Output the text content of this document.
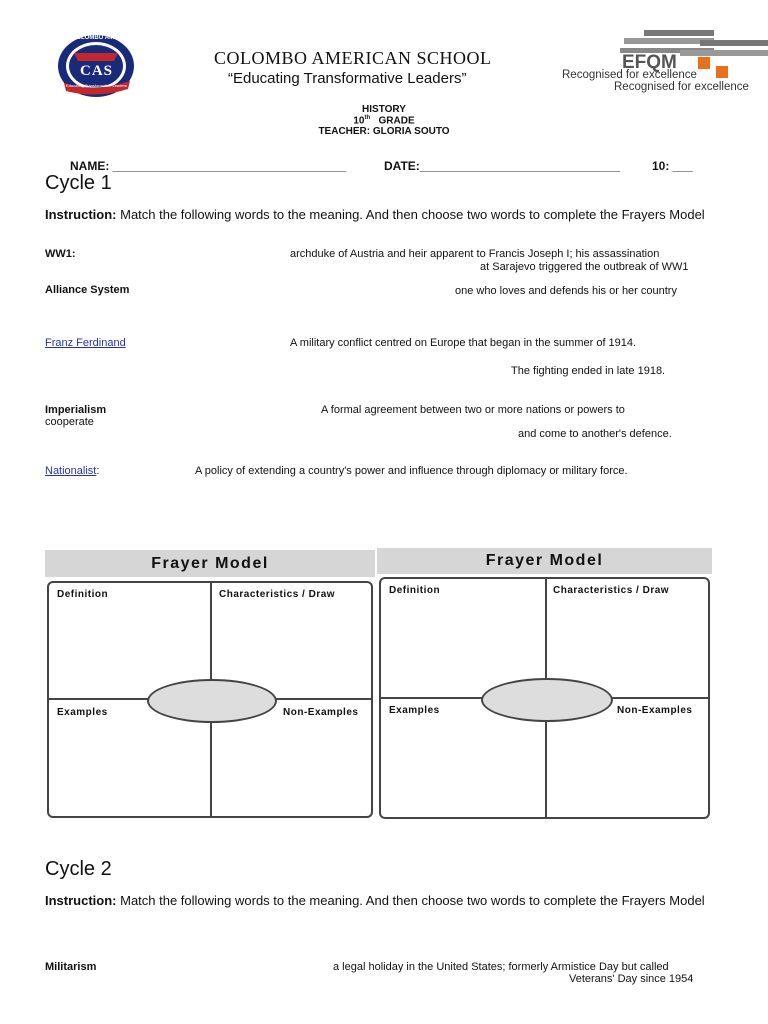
COLOMBO AMERICAN
CAS
Educating Transformative Leaders
COLOMBO AMERICAN SCHOOL
“Educating Transformative Leaders”
EFQM
Recognised for excellence
Recognised for excellence
HISTORY
10th GRADE
TEACHER: GLORIA SOUTO
NAME: ___________________________________	DATE:______________________________	10: ___
Cycle 1
Instruction: Match the following words to the meaning. And then choose two words to complete the Frayers Model
WW1:	archduke of Austria and heir apparent to Francis Joseph I; his assassination
at Sarajevo triggered the outbreak of WW1
Alliance System	one who loves and defends his or her country
Franz Ferdinand	A military conflict centred on Europe that began in the summer of 1914.
The fighting ended in late 1918.
Imperialism	A formal agreement between two or more nations or powers to
cooperate
and come to another's defence.
Nationalist:	A policy of extending a country's power and influence through diplomacy or military force.
Frayer Model
Definition	Characteristics / Draw
Examples	Non-Examples
Frayer Model
Definition	Characteristics / Draw
Examples	Non-Examples
Cycle 2
Instruction: Match the following words to the meaning. And then choose two words to complete the Frayers Model
Militarism	a legal holiday in the United States; formerly Armistice Day but called
Veterans' Day since 1954
